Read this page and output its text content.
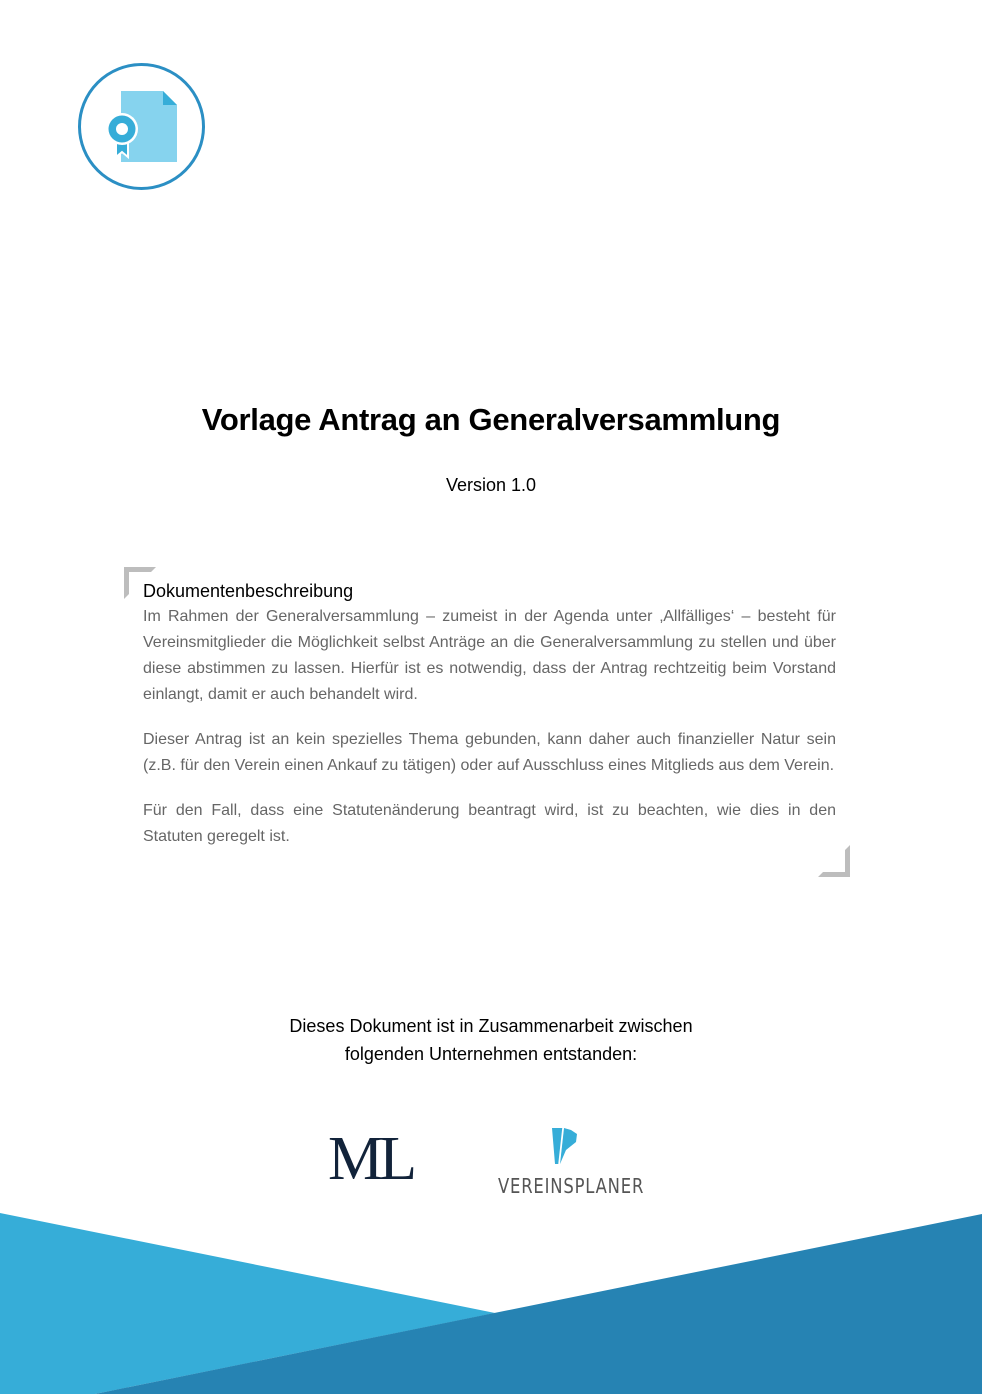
Vorlage Antrag an Generalversammlung
Version 1.0
Dokumentenbeschreibung

Im Rahmen der Generalversammlung – zumeist in der Agenda unter ‚Allfälliges‘ – besteht für Vereinsmitglieder die Möglichkeit selbst Anträge an die Generalversammlung zu stellen und über diese abstimmen zu lassen. Hierfür ist es notwendig, dass der Antrag rechtzeitig beim Vorstand einlangt, damit er auch behandelt wird.

Dieser Antrag ist an kein spezielles Thema gebunden, kann daher auch finanzieller Natur sein (z.B. für den Verein einen Ankauf zu tätigen) oder auf Ausschluss eines Mitglieds aus dem Verein.

Für den Fall, dass eine Statutenänderung beantragt wird, ist zu beachten, wie dies in den Statuten geregelt ist.

Dieses Dokument ist in Zusammenarbeit zwischen
folgenden Unternehmen entstanden:
ML	VEREINSPLANER
